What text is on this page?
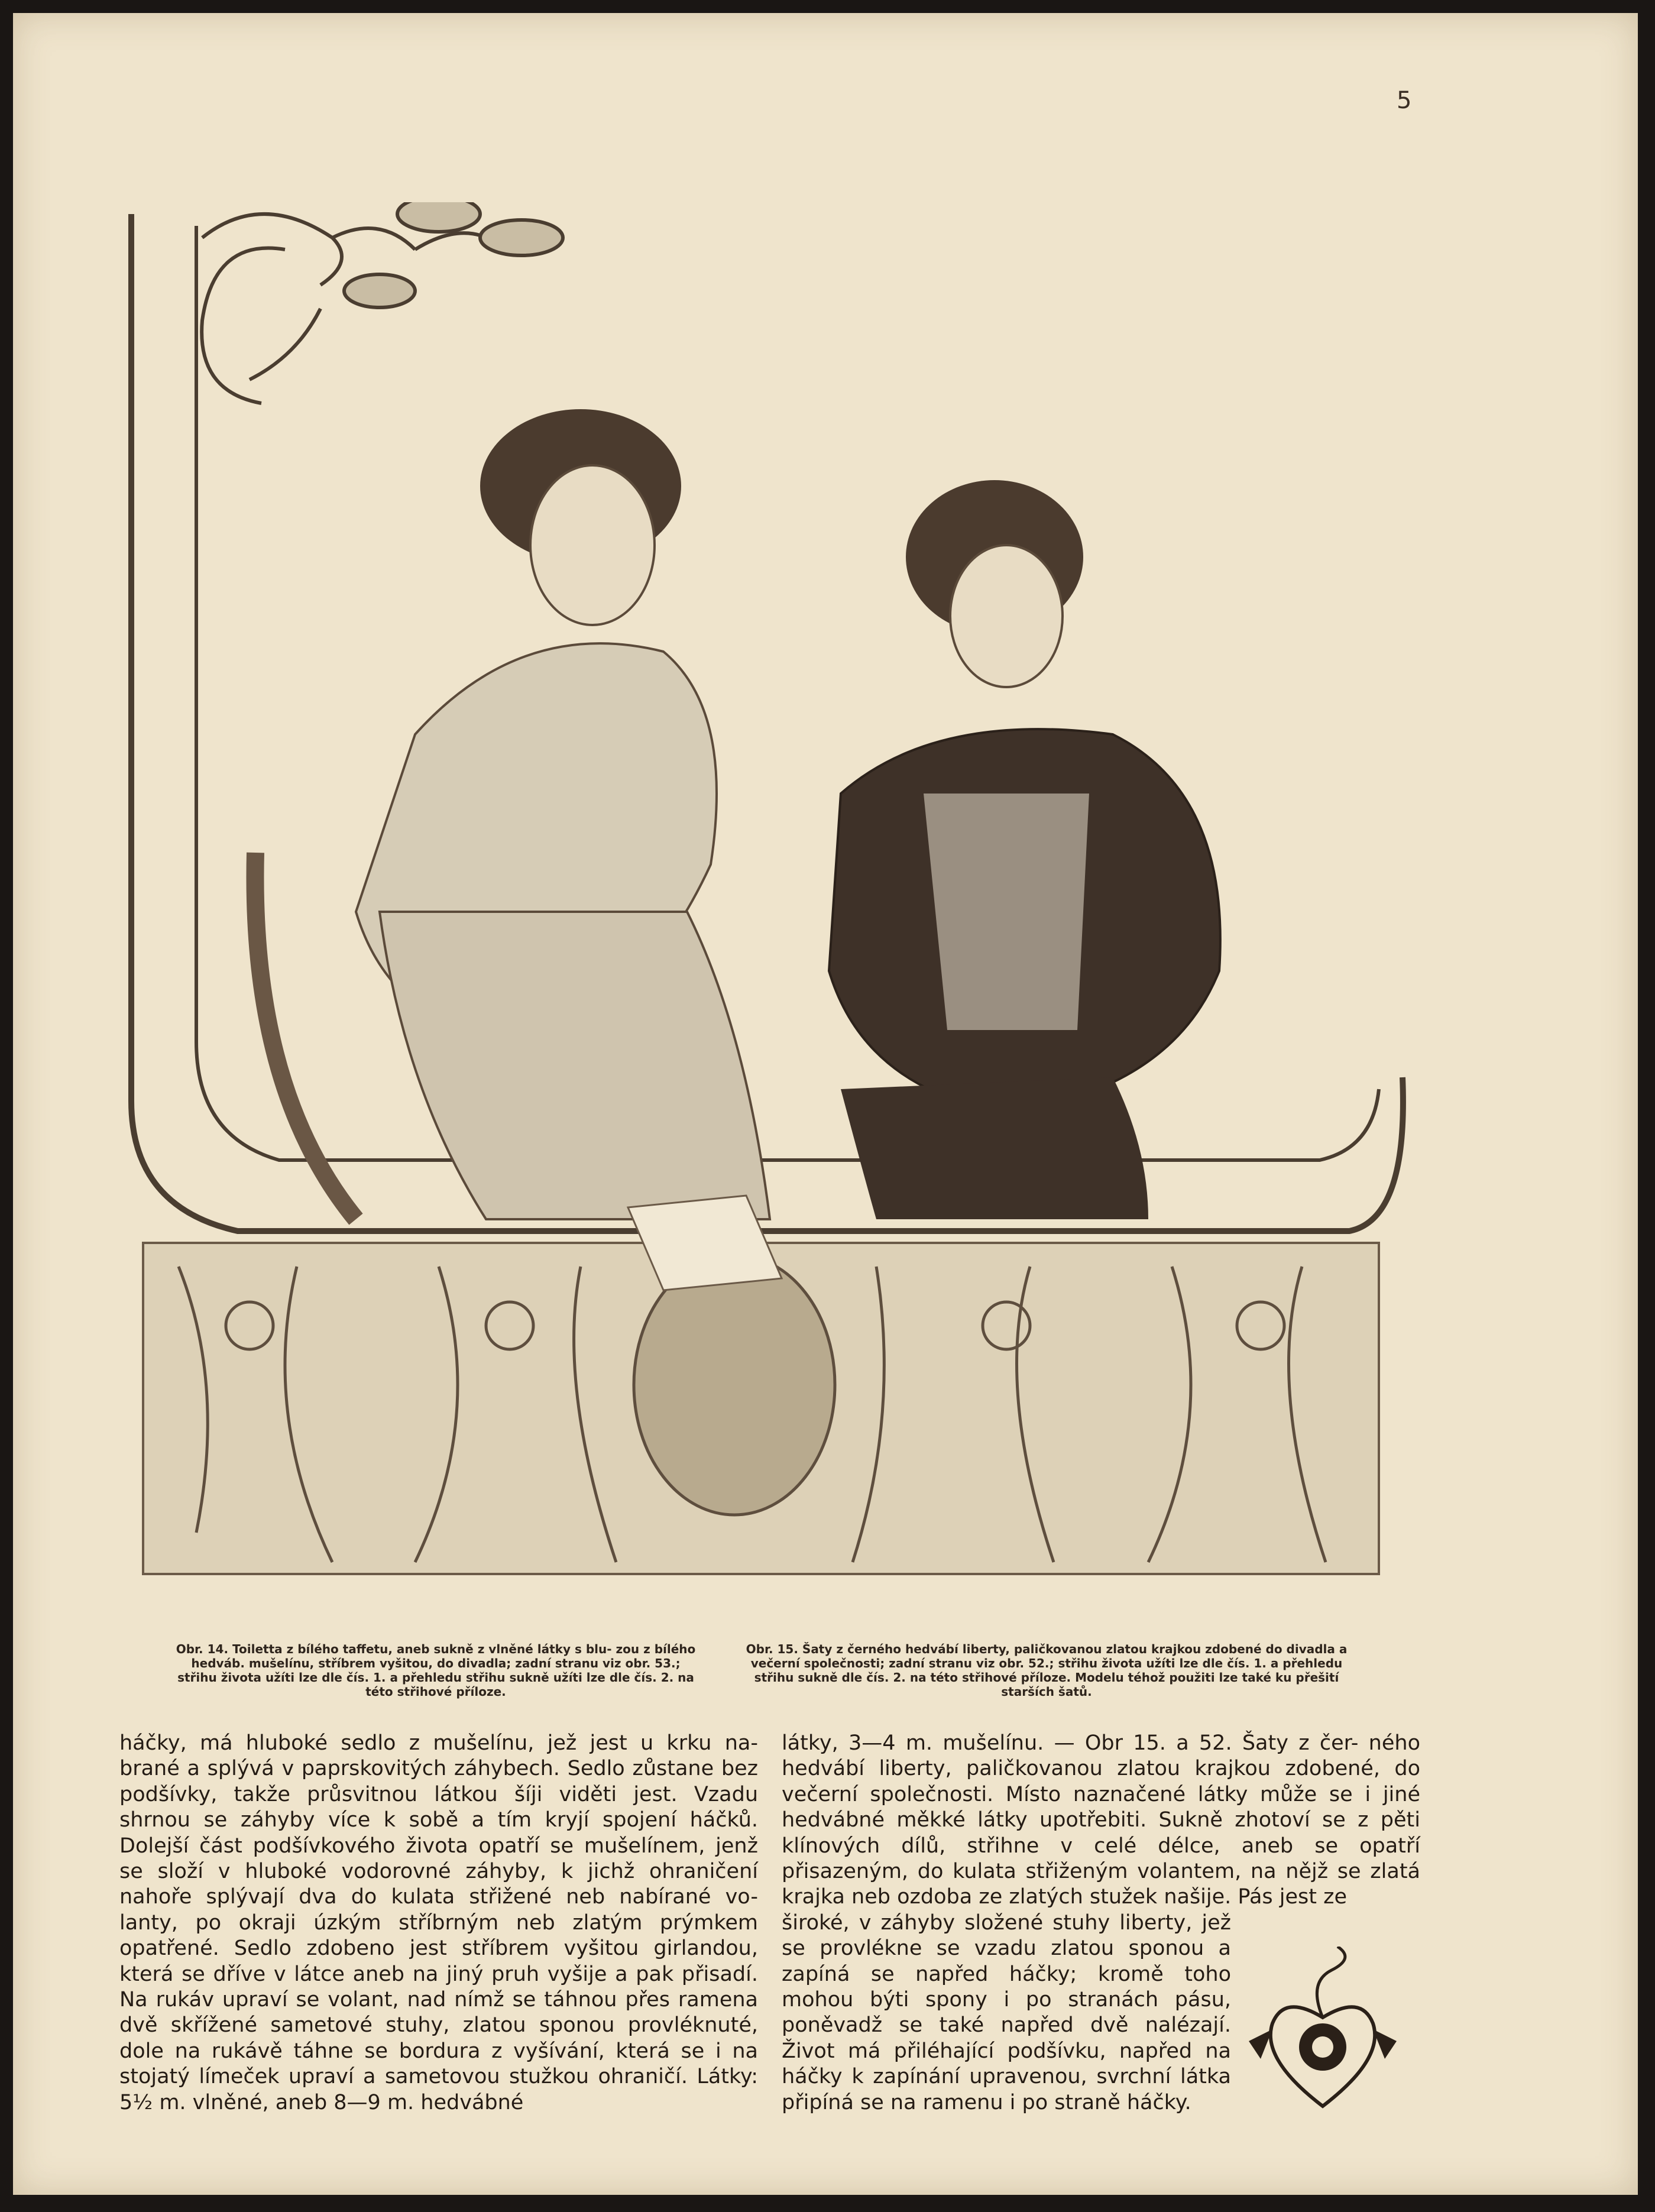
5
Obr. 14. Toiletta z bílého taffetu, aneb sukně z vlněné látky s blu- zou z bílého hedváb. mušelínu, stříbrem vyšitou, do divadla; zadní stranu viz obr. 53.; střihu života užíti lze dle čís. 1. a přehledu střihu sukně užíti lze dle čís. 2. na této střihové příloze.
Obr. 15. Šaty z černého hedvábí liberty, paličkovanou zlatou krajkou zdobené do divadla a večerní společnosti; zadní stranu viz obr. 52.; střihu života užíti lze dle čís. 1. a přehledu střihu sukně dle čís. 2. na této střihové příloze. Modelu téhož použiti lze také ku přešití starších šatů.

háčky, má hluboké sedlo z mušelínu, jež jest u krku na- brané a splývá v paprskovitých záhybech. Sedlo zůstane bez podšívky, takže průsvitnou látkou šíji viděti jest. Vzadu shrnou se záhyby více k sobě a tím kryjí spojení háčků. Dolejší část podšívkového života opatří se mušelínem, jenž se složí v hluboké vodorovné záhyby, k jichž ohraničení nahoře splývají dva do kulata střižené neb nabírané vo- lanty, po okraji úzkým stříbrným neb zlatým prýmkem opatřené. Sedlo zdobeno jest stříbrem vyšitou girlandou, která se dříve v látce aneb na jiný pruh vyšije a pak přisadí. Na rukáv upraví se volant, nad nímž se táhnou přes ramena dvě skřížené sametové stuhy, zlatou sponou provléknuté, dole na rukávě táhne se bordura z vyšívání, která se i na stojatý límeček upraví a sametovou stužkou ohraničí. Látky: 5½ m. vlněné, aneb 8—9 m. hedvábné

látky, 3—4 m. mušelínu. — Obr 15. a 52. Šaty z čer- ného hedvábí liberty, paličkovanou zlatou krajkou zdobené, do večerní společnosti. Místo naznačené látky může se i jiné hedvábné měkké látky upotřebiti. Sukně zhotoví se z pěti klínových dílů, střihne v celé délce, aneb se opatří přisazeným, do kulata střiženým volantem, na nějž se zlatá krajka neb ozdoba ze zlatých stužek našije. Pás jest ze

široké, v záhyby složené stuhy liberty, jež se provlékne se vzadu zlatou sponou a zapíná se napřed háčky; kromě toho mohou býti spony i po stranách pásu, poněvadž se také napřed dvě nalézají. Život má přiléhající podšívku, napřed na háčky k zapínání upravenou, svrchní látka připíná se na ramenu i po straně háčky.
